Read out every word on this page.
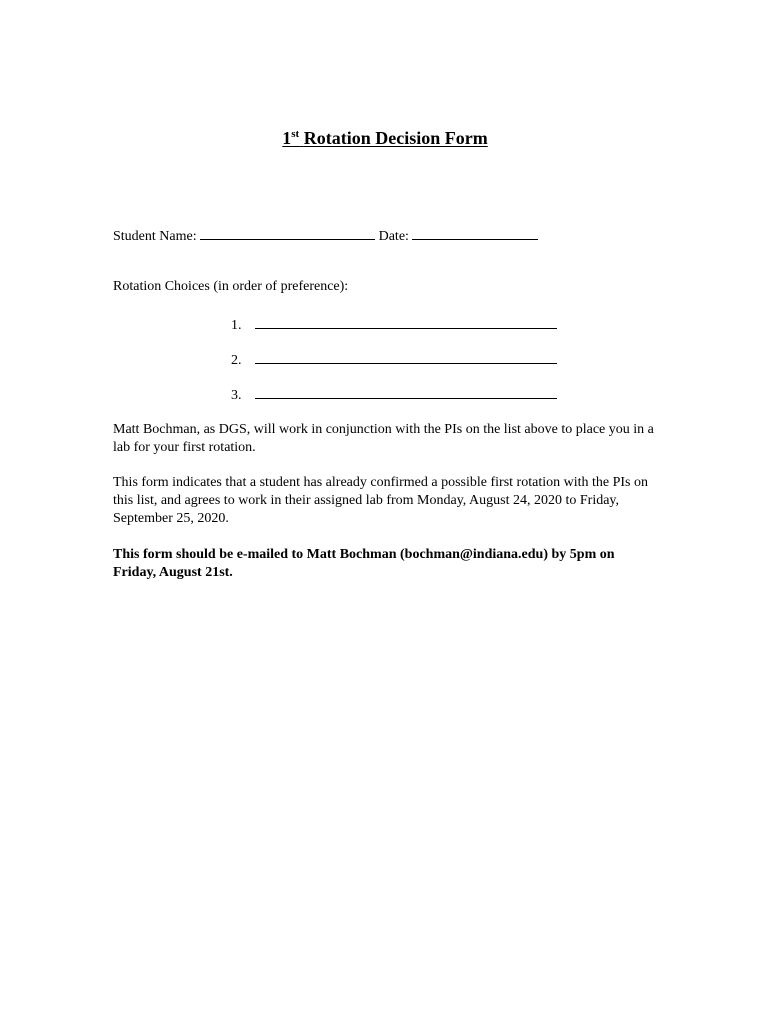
1st Rotation Decision Form
Student Name:	Date:
Rotation Choices (in order of preference):
1.
2.
3.
Matt Bochman, as DGS, will work in conjunction with the PIs on the list above to place you in a lab for your first rotation.
This form indicates that a student has already confirmed a possible first rotation with the PIs on this list, and agrees to work in their assigned lab from Monday, August 24, 2020 to Friday, September 25, 2020.
This form should be e-mailed to Matt Bochman (bochman@indiana.edu) by 5pm on Friday, August 21st.
